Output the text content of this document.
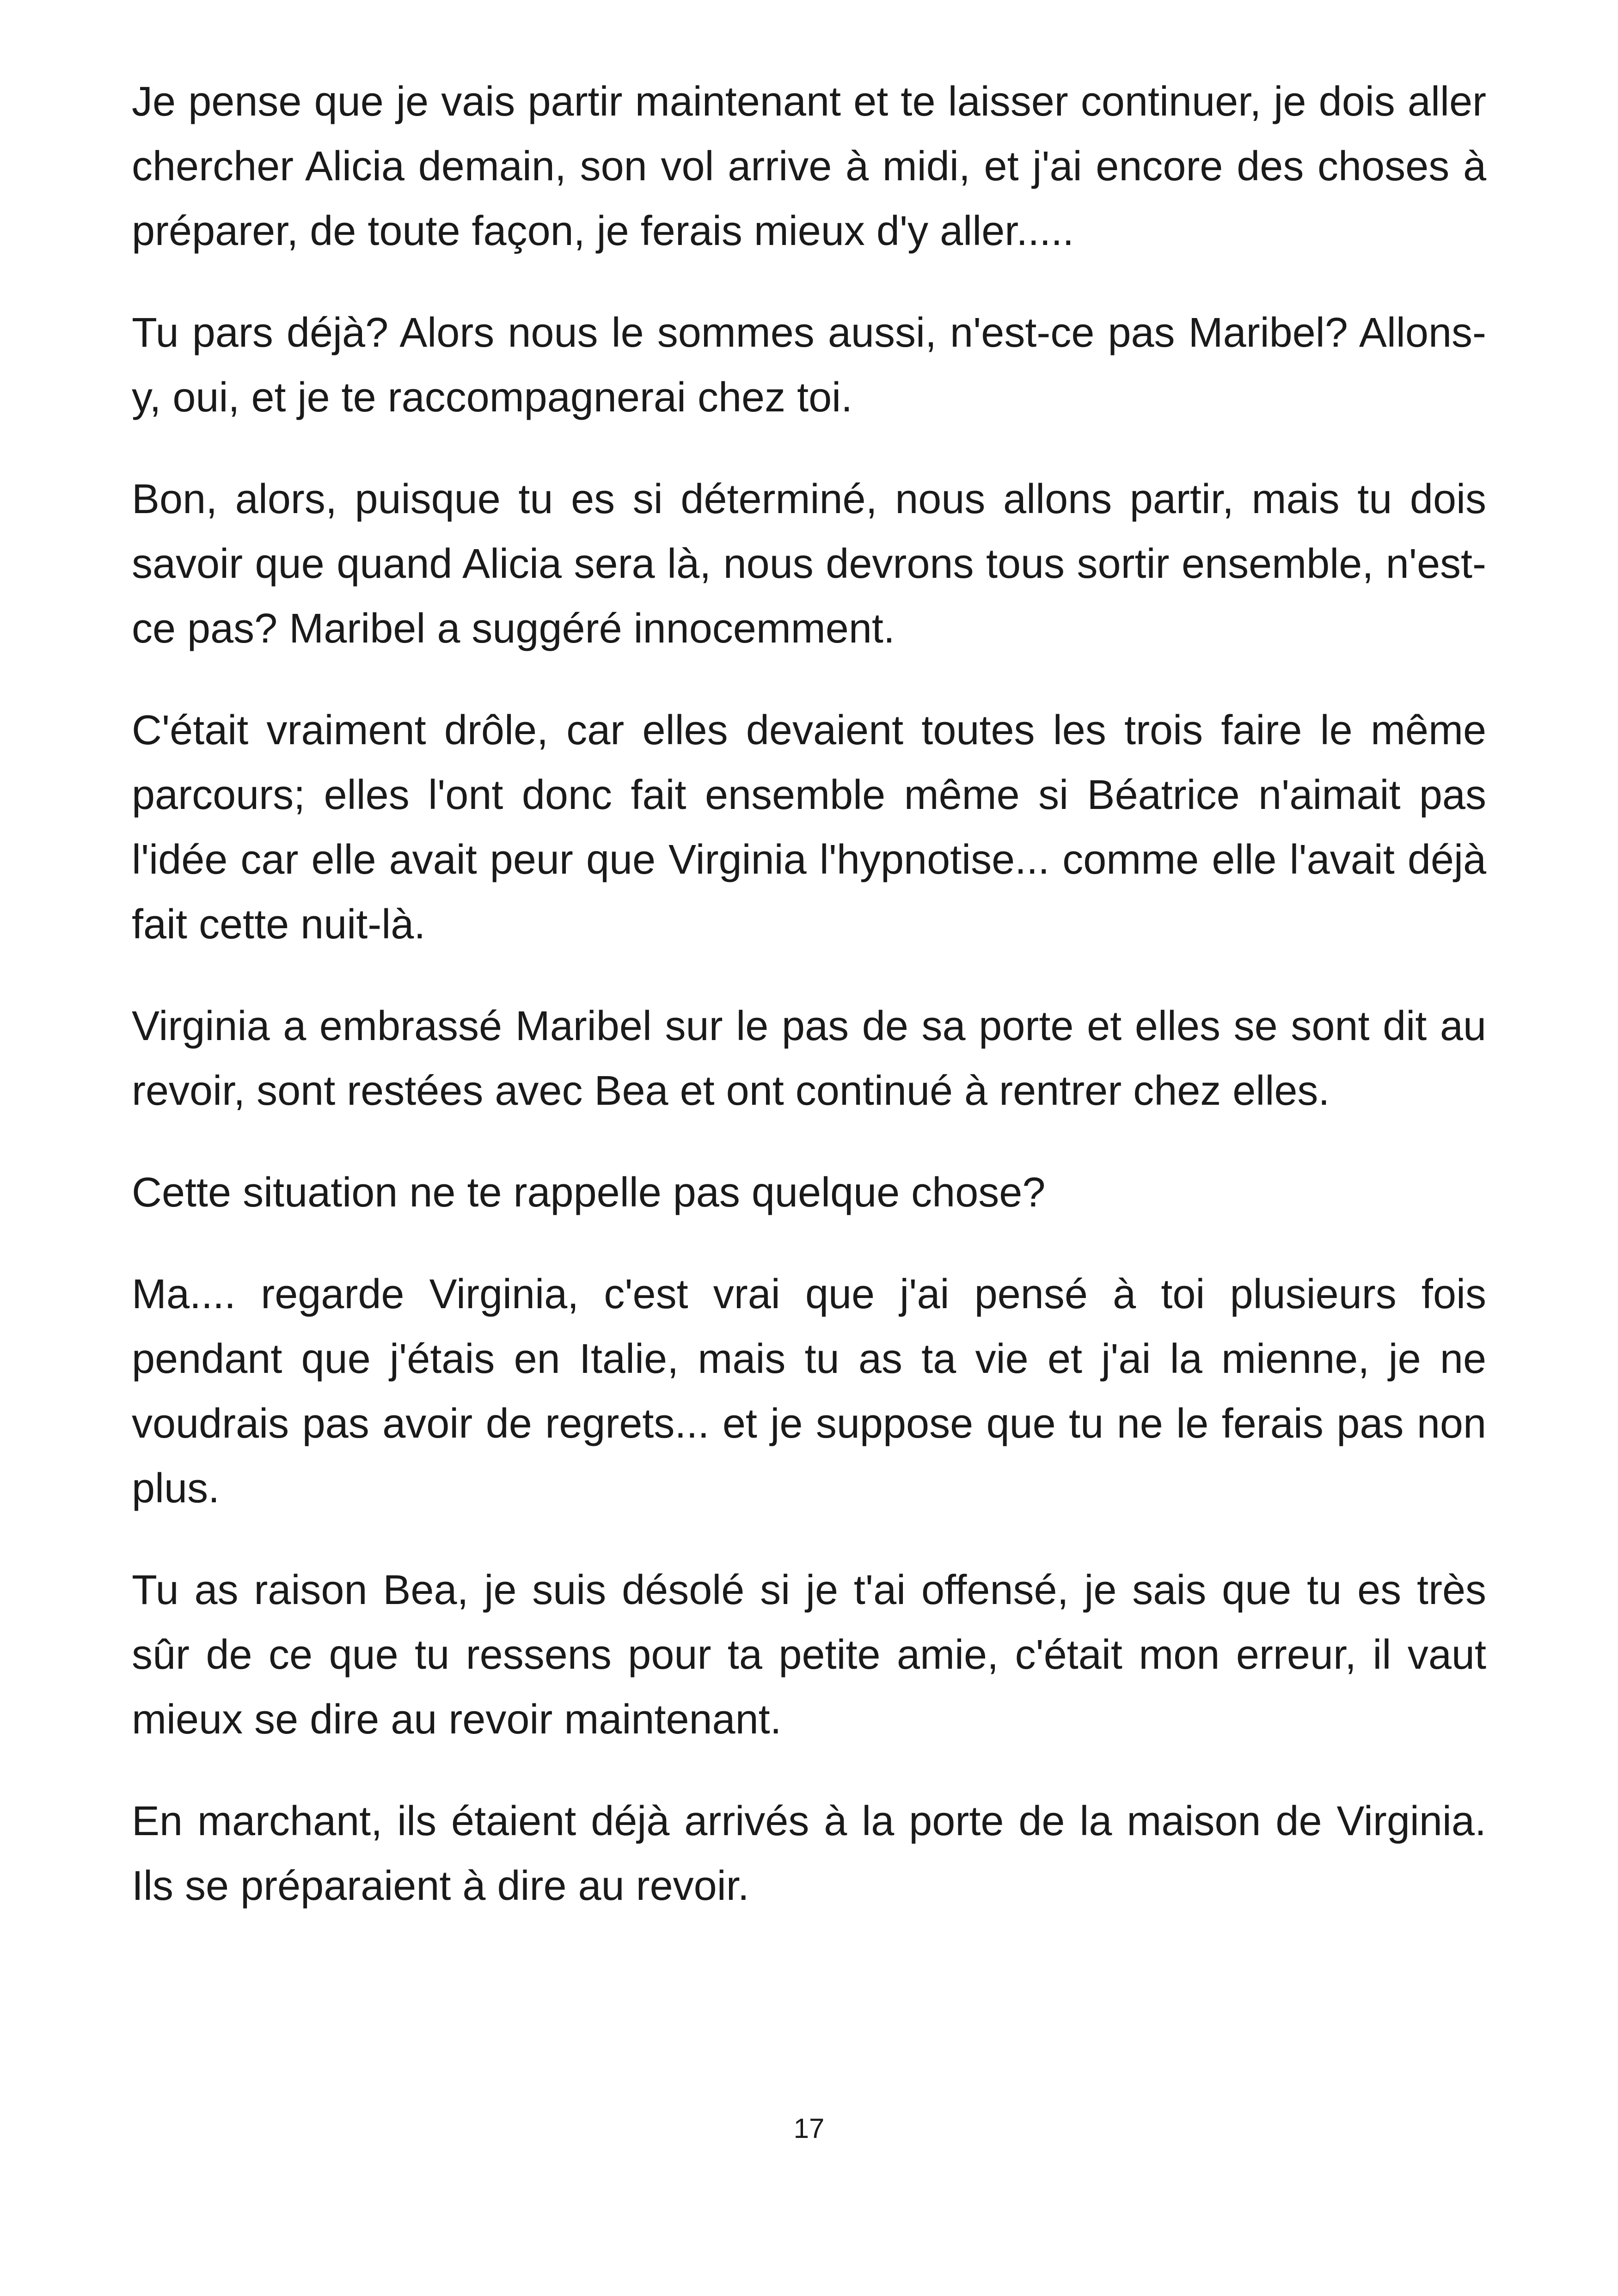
Je pense que je vais partir maintenant et te laisser continuer, je dois aller chercher Alicia demain, son vol arrive à midi, et j'ai encore des choses à préparer, de toute façon, je ferais mieux d'y aller.....

Tu pars déjà? Alors nous le sommes aussi, n'est-ce pas Maribel? Allons-y, oui, et je te raccompagnerai chez toi.

Bon, alors, puisque tu es si déterminé, nous allons partir, mais tu dois savoir que quand Alicia sera là, nous devrons tous sortir ensemble, n'est-ce pas? Maribel a suggéré innocemment.

C'était vraiment drôle, car elles devaient toutes les trois faire le même parcours; elles l'ont donc fait ensemble même si Béatrice n'aimait pas l'idée car elle avait peur que Virginia l'hypnotise... comme elle l'avait déjà fait cette nuit-là.

Virginia a embrassé Maribel sur le pas de sa porte et elles se sont dit au revoir, sont restées avec Bea et ont continué à rentrer chez elles.

Cette situation ne te rappelle pas quelque chose?

Ma.... regarde Virginia, c'est vrai que j'ai pensé à toi plusieurs fois pendant que j'étais en Italie, mais tu as ta vie et j'ai la mienne, je ne voudrais pas avoir de regrets... et je suppose que tu ne le ferais pas non plus.

Tu as raison Bea, je suis désolé si je t'ai offensé, je sais que tu es très sûr de ce que tu ressens pour ta petite amie, c'était mon erreur, il vaut mieux se dire au revoir maintenant.

En marchant, ils étaient déjà arrivés à la porte de la maison de Virginia. Ils se préparaient à dire au revoir.

17
